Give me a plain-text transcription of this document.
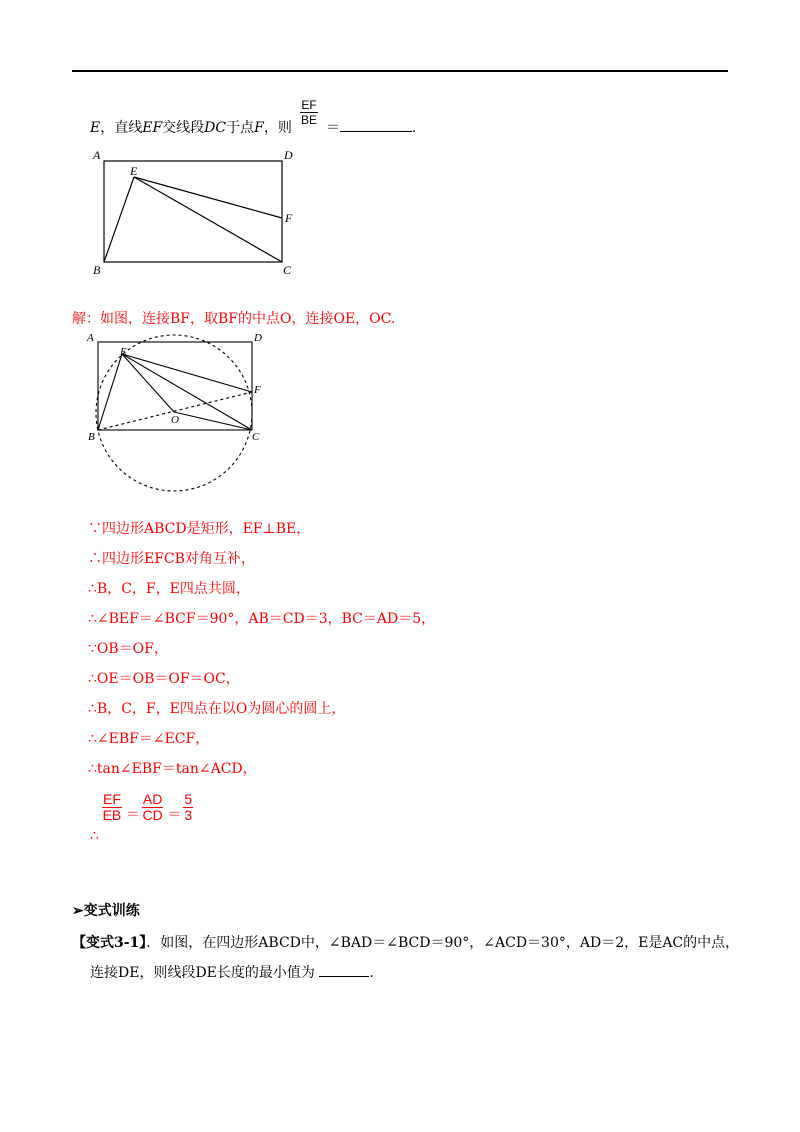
E，直线EF交线段DC于点F，则 ＝	.
$\frac{EF}{BE}$
A	D
E
F
B	C
解：如图，连接BF，取BF的中点O，连接OE，OC.
A	D
E
F
O
B	C
∵四边形ABCD是矩形，EF⊥BE，
∴四边形EFCB对角互补，
∴B，C，F，E四点共圆，
∴∠BEF＝∠BCF＝90°，AB＝CD＝3，BC＝AD＝5，
∵OB＝OF，
∴OE＝OB＝OF＝OC，
∴B，C，F，E四点在以O为圆心的圆上，
∴∠EBF＝∠ECF，
∴tan∠EBF＝tan∠ACD，
$\frac{EF}{EB} = \frac{AD}{CD} = \frac{5}{3}$
∴
➢变式训练
【变式3-1】．如图，在四边形ABCD中，∠BAD＝∠BCD＝90°，∠ACD＝30°，AD＝2，E是AC的中点，
连接DE，则线段DE长度的最小值为	.
